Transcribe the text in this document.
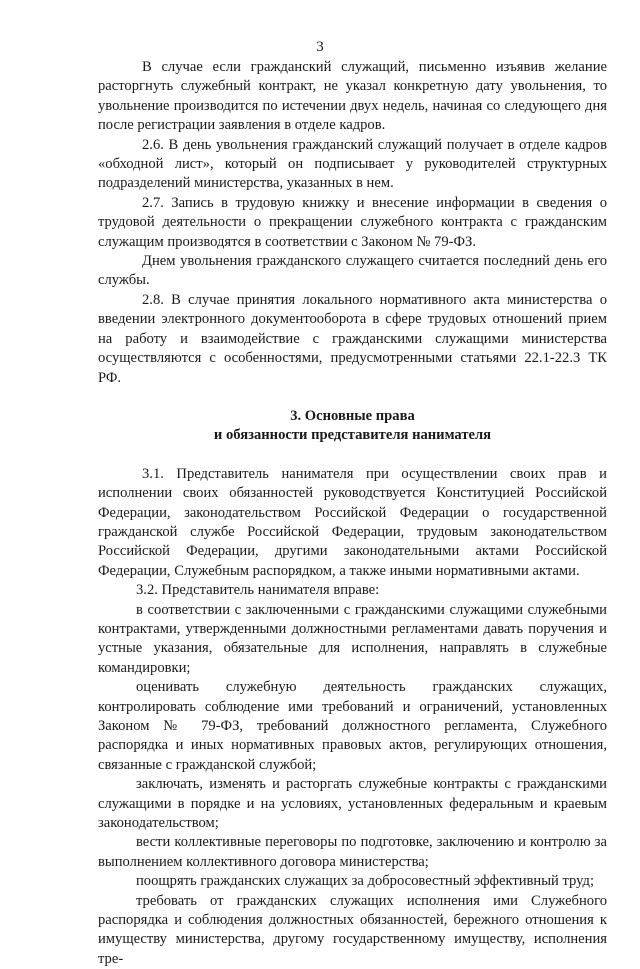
3

В случае если гражданский служащий, письменно изъявив желание расторгнуть служебный контракт, не указал конкретную дату увольнения, то увольнение производится по истечении двух недель, начиная со следующего дня после регистрации заявления в отделе кадров.

2.6. В день увольнения гражданский служащий получает в отделе кадров «обходной лист», который он подписывает у руководителей структурных подразделений министерства, указанных в нем.

2.7. Запись в трудовую книжку и внесение информации в сведения о трудовой деятельности о прекращении служебного контракта с гражданским служащим производятся в соответствии с Законом № 79-ФЗ.

Днем увольнения гражданского служащего считается последний день его службы.

2.8. В случае принятия локального нормативного акта министерства о введении электронного документооборота в сфере трудовых отношений прием на работу и взаимодействие с гражданскими служащими министерства осуществляются с особенностями, предусмотренными статьями 22.1-22.3 ТК РФ.

3. Основные права
и обязанности представителя нанимателя

3.1. Представитель нанимателя при осуществлении своих прав и исполнении своих обязанностей руководствуется Конституцией Российской Федерации, законодательством Российской Федерации о государственной гражданской службе Российской Федерации, трудовым законодательством Российской Федерации, другими законодательными актами Российской Федерации, Служебным распорядком, а также иными нормативными актами.

3.2. Представитель нанимателя вправе:

в соответствии с заключенными с гражданскими служащими служебными контрактами, утвержденными должностными регламентами давать поручения и устные указания, обязательные для исполнения, направлять в служебные командировки;

оценивать служебную деятельность гражданских служащих, контролировать соблюдение ими требований и ограничений, установленных Законом № 79-ФЗ, требований должностного регламента, Служебного распорядка и иных нормативных правовых актов, регулирующих отношения, связанные с гражданской службой;

заключать, изменять и расторгать служебные контракты с гражданскими служащими в порядке и на условиях, установленных федеральным и краевым законодательством;

вести коллективные переговоры по подготовке, заключению и контролю за выполнением коллективного договора министерства;

поощрять гражданских служащих за добросовестный эффективный труд;

требовать от гражданских служащих исполнения ими Служебного распорядка и соблюдения должностных обязанностей, бережного отношения к имуществу министерства, другому государственному имуществу, исполнения тре-
